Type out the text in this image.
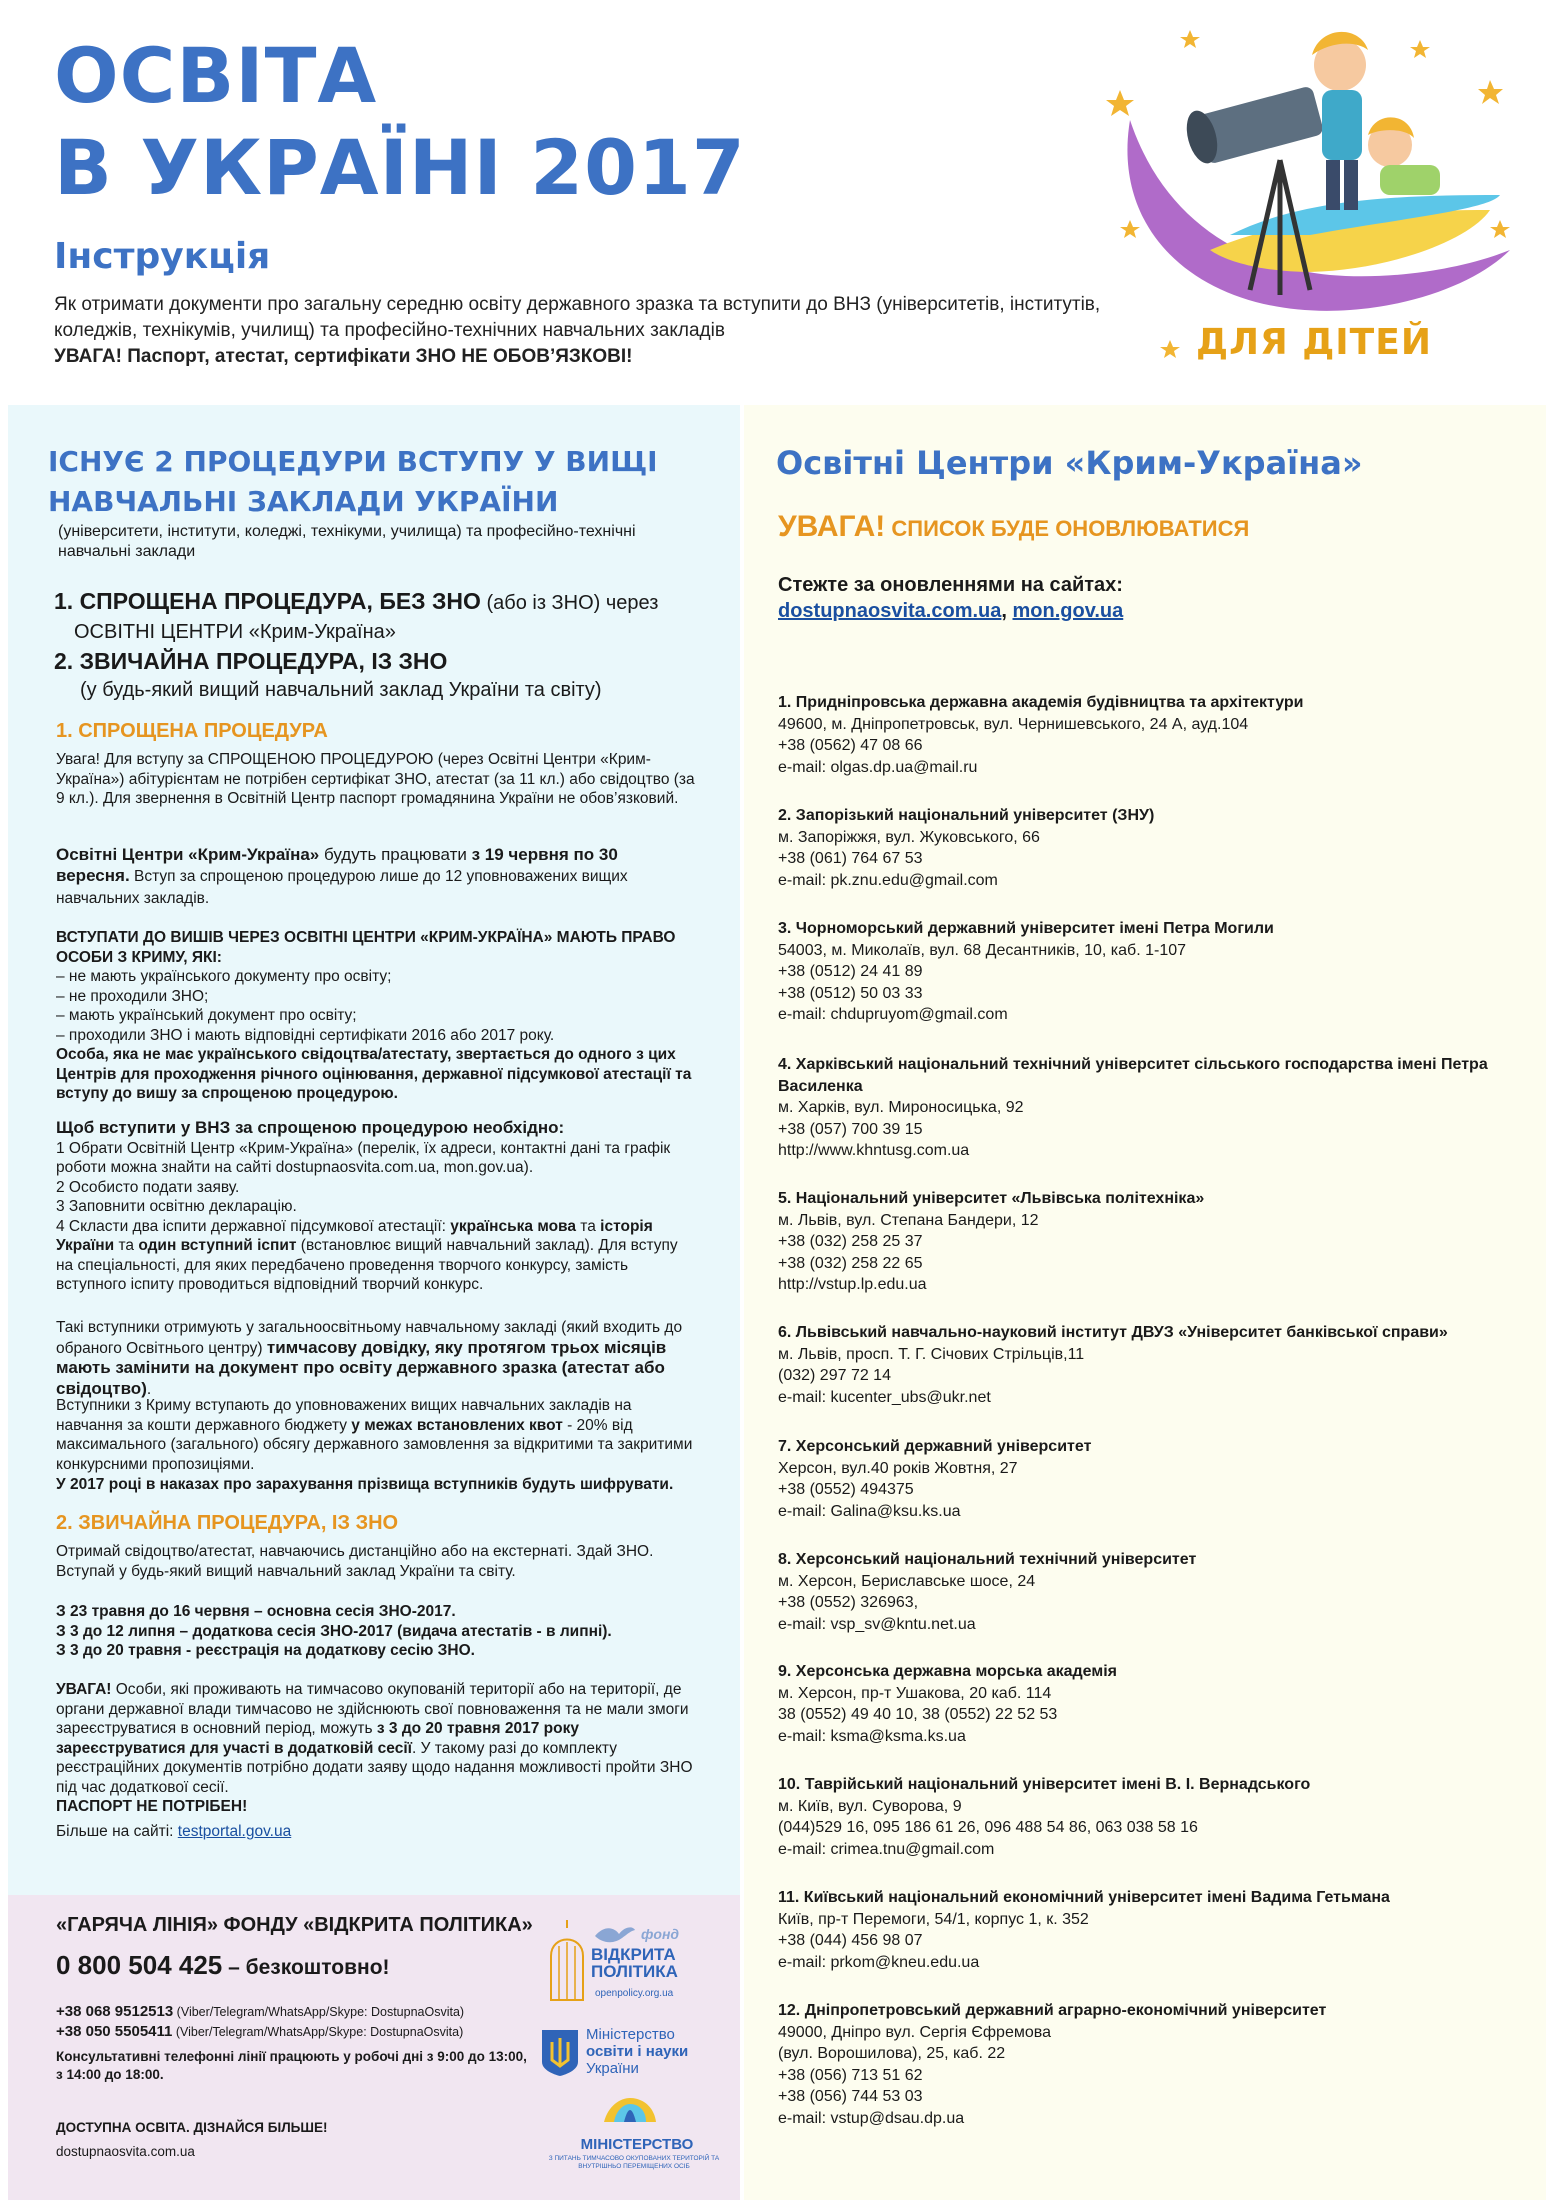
ОСВІТА
В УКРАЇНІ 2017
Інструкція
Як отримати документи про загальну середню освіту державного зразка та вступити до ВНЗ (університетів, інститутів, коледжів, технікумів, училищ) та професійно-технічних навчальних закладів
УВАГА! Паспорт, атестат, сертифікати ЗНО НЕ ОБОВ’ЯЗКОВІ!	ДЛЯ ДІТЕЙ
ІСНУЄ 2 ПРОЦЕДУРИ ВСТУПУ У ВИЩІ НАВЧАЛЬНІ ЗАКЛАДИ УКРАЇНИ
(університети, інститути, коледжі, технікуми, училища) та професійно-технічні навчальні заклади
1. СПРОЩЕНА ПРОЦЕДУРА, БЕЗ ЗНО (або із ЗНО) через
ОСВІТНІ ЦЕНТРИ «Крим-Україна»
2. ЗВИЧАЙНА ПРОЦЕДУРА, ІЗ ЗНО
(у будь-який вищий навчальний заклад України та світу)
1. СПРОЩЕНА ПРОЦЕДУРА
Увага! Для вступу за СПРОЩЕНОЮ ПРОЦЕДУРОЮ (через Освітні Центри «Крим-Україна») абітурієнтам не потрібен сертифікат ЗНО, атестат (за 11 кл.) або свідоцтво (за 9 кл.). Для звернення в Освітній Центр паспорт громадянина України не обов’язковий.
Освітні Центри «Крим-Україна» будуть працювати з 19 червня по 30 вересня. Вступ за спрощеною процедурою лише до 12 уповноважених вищих навчальних закладів.
ВСТУПАТИ ДО ВИШІВ ЧЕРЕЗ ОСВІТНІ ЦЕНТРИ «КРИМ-УКРАЇНА» МАЮТЬ ПРАВО ОСОБИ З КРИМУ, ЯКІ:
– не мають українського документу про освіту;
– не проходили ЗНО;
– мають український документ про освіту;
– проходили ЗНО і мають відповідні сертифікати 2016 або 2017 року.
Особа, яка не має українського свідоцтва/атестату, звертається до одного з цих Центрів для проходження річного оцінювання, державної підсумкової атестації та вступу до вишу за спрощеною процедурою.
Щоб вступити у ВНЗ за спрощеною процедурою необхідно:
1 Обрати Освітній Центр «Крим-Україна» (перелік, їх адреси, контактні дані та графік роботи можна знайти на сайті dostupnaosvita.com.ua, mon.gov.ua).
2 Особисто подати заяву.
3 Заповнити освітню декларацію.
4 Скласти два іспити державної підсумкової атестації: українська мова та історія України та один вступний іспит (встановлює вищий навчальний заклад). Для вступу на спеціальності, для яких передбачено проведення творчого конкурсу, замість вступного іспиту проводиться відповідний творчий конкурс.
Такі вступники отримують у загальноосвітньому навчальному закладі (який входить до обраного Освітнього центру) тимчасову довідку, яку протягом трьох місяців мають замінити на документ про освіту державного зразка (атестат або свідоцтво).
Вступники з Криму вступають до уповноважених вищих навчальних закладів на навчання за кошти державного бюджету у межах встановлених квот - 20% від максимального (загального) обсягу державного замовлення за відкритими та закритими конкурсними пропозиціями.
У 2017 році в наказах про зарахування прізвища вступників будуть шифрувати.
2. ЗВИЧАЙНА ПРОЦЕДУРА, ІЗ ЗНО
Отримай свідоцтво/атестат, навчаючись дистанційно або на екстернаті. Здай ЗНО. Вступай у будь-який вищий навчальний заклад України та світу.
З 23 травня до 16 червня – основна сесія ЗНО-2017.
З 3 до 12 липня – додаткова сесія ЗНО-2017 (видача атестатів - в липні).
З 3 до 20 травня - реєстрація на додаткову сесію ЗНО.
УВАГА! Особи, які проживають на тимчасово окупованій території або на території, де органи державної влади тимчасово не здійснюють свої повноваження та не мали змоги зареєструватися в основний період, можуть з 3 до 20 травня 2017 року зареєструватися для участі в додатковій сесії. У такому разі до комплекту реєстраційних документів потрібно додати заяву щодо надання можливості пройти ЗНО під час додаткової сесії.
ПАСПОРТ НЕ ПОТРІБЕН!
Більше на сайті: testportal.gov.ua
«ГАРЯЧА ЛІНІЯ» ФОНДУ «ВІДКРИТА ПОЛІТИКА»
0 800 504 425 – безкоштовно!
+38 068 9512513 (Viber/Telegram/WhatsApp/Skype: DostupnaOsvita)
+38 050 5505411 (Viber/Telegram/WhatsApp/Skype: DostupnaOsvita)
Консультативні телефонні лінії працюють у робочі дні з 9:00 до 13:00, з 14:00 до 18:00.
ДОСТУПНА ОСВІТА. ДІЗНАЙСЯ БІЛЬШЕ!
dostupnaosvita.com.ua
фонд
ВІДКРИТА
ПОЛІТИКА
openpolicy.org.ua
Міністерство
освіти і науки
України
МІНІСТЕРСТВО
З ПИТАНЬ ТИМЧАСОВО ОКУПОВАНИХ ТЕРИТОРІЙ ТА ВНУТРІШНЬО ПЕРЕМІЩЕНИХ ОСІБ
Освітні Центри «Крим-Україна»
УВАГА! СПИСОК БУДЕ ОНОВЛЮВАТИСЯ
Стежте за оновленнями на сайтах:
dostupnaosvita.com.ua, mon.gov.ua
1. Придніпровська державна академія будівництва та архітектури
49600, м. Дніпропетровськ, вул. Чернишевського, 24 А, ауд.104
+38 (0562) 47 08 66
e-mail: olgas.dp.ua@mail.ru
2. Запорізький національний університет (ЗНУ)
м. Запоріжжя, вул. Жуковського, 66
+38 (061) 764 67 53
e-mail: pk.znu.edu@gmail.com
3. Чорноморський державний університет імені Петра Могили
54003, м. Миколаїв, вул. 68 Десантників, 10, каб. 1-107
+38 (0512) 24 41 89
+38 (0512) 50 03 33
e-mail: chdupruyom@gmail.com
4. Харківський національний технічний університет сільського господарства імені Петра Василенка
м. Харків, вул. Мироносицька, 92
+38 (057) 700 39 15
http://www.khntusg.com.ua
5. Національний університет «Львівська політехніка»
м. Львів, вул. Степана Бандери, 12
+38 (032) 258 25 37
+38 (032) 258 22 65
http://vstup.lp.edu.ua
6. Львівський навчально-науковий інститут ДВУЗ «Університет банківської справи»
м. Львів, просп. Т. Г. Січових Стрільців,11
(032) 297 72 14
e-mail: kucenter_ubs@ukr.net
7. Херсонський державний університет
Херсон, вул.40 років Жовтня, 27
+38 (0552) 494375
e-mail: Galina@ksu.ks.ua
8. Херсонський національний технічний університет
м. Херсон, Бериславське шосе, 24
+38 (0552) 326963,
e-mail: vsp_sv@kntu.net.ua
9. Херсонська державна морська академія
м. Херсон, пр-т Ушакова, 20 каб. 114
38 (0552) 49 40 10, 38 (0552) 22 52 53
e-mail: ksma@ksma.ks.ua
10. Таврійський національний університет імені В. І. Вернадського
м. Київ, вул. Суворова, 9
(044)529 16, 095 186 61 26, 096 488 54 86, 063 038 58 16
e-mail: crimea.tnu@gmail.com
11. Київський національний економічний університет імені Вадима Гетьмана
Київ, пр-т Перемоги, 54/1, корпус 1, к. 352
+38 (044) 456 98 07
e-mail: prkom@kneu.edu.ua
12. Дніпропетровський державний аграрно-економічний університет
49000, Дніпро вул. Сергія Єфремова
(вул. Ворошилова), 25, каб. 22
+38 (056) 713 51 62
+38 (056) 744 53 03
e-mail: vstup@dsau.dp.ua
